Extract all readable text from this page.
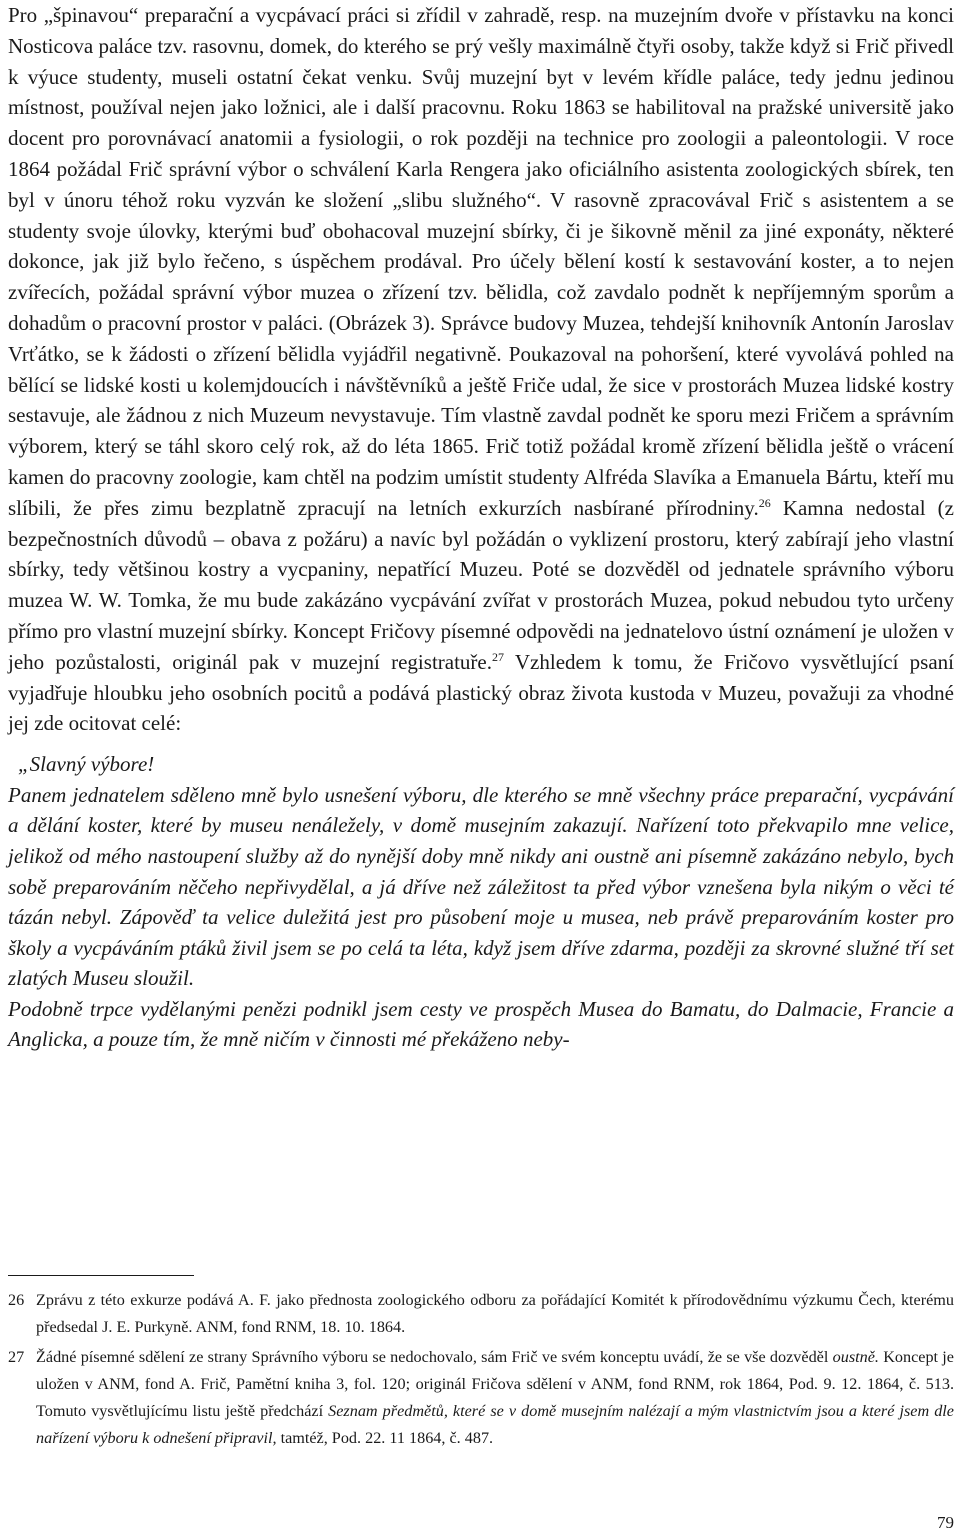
Pro „špinavou“ preparační a vycpávací práci si zřídil v zahradě, resp. na muzejním dvoře v přístavku na konci Nosticova paláce tzv. rasovnu, domek, do kterého se prý vešly maximálně čtyři osoby, takže když si Frič přivedl k výuce studenty, museli ostatní čekat venku. Svůj muzejní byt v levém křídle paláce, tedy jednu jedinou místnost, používal nejen jako ložnici, ale i další pracovnu. Roku 1863 se habilitoval na pražské universitě jako docent pro porovnávací anatomii a fysiologii, o rok později na technice pro zoologii a paleontologii. V roce 1864 požádal Frič správní výbor o schválení Karla Rengera jako oficiálního asistenta zoologických sbírek, ten byl v únoru téhož roku vyzván ke složení „slibu služného“. V rasovně zpracovával Frič s asistentem a se studenty svoje úlovky, kterými buď obohacoval muzejní sbírky, či je šikovně měnil za jiné exponáty, některé dokonce, jak již bylo řečeno, s úspěchem prodával. Pro účely bělení kostí k sestavování koster, a to nejen zvířecích, požádal správní výbor muzea o zřízení tzv. bělidla, což zavdalo podnět k nepříjemným sporům a dohadům o pracovní prostor v paláci. (Obrázek 3). Správce budovy Muzea, tehdejší knihovník Antonín Jaroslav Vrťátko, se k žádosti o zřízení bělidla vyjádřil negativně. Poukazoval na pohoršení, které vyvolává pohled na bělící se lidské kosti u kolemjdoucích i návštěvníků a ještě Friče udal, že sice v prostorách Muzea lidské kostry sestavuje, ale žádnou z nich Muzeum nevystavuje. Tím vlastně zavdal podnět ke sporu mezi Fričem a správním výborem, který se táhl skoro celý rok, až do léta 1865. Frič totiž požádal kromě zřízení bělidla ještě o vrácení kamen do pracovny zoologie, kam chtěl na podzim umístit studenty Alfréda Slavíka a Emanuela Bártu, kteří mu slíbili, že přes zimu bezplatně zpracují na letních exkurzích nasbírané přírodniny.$^{26}$ Kamna nedostal (z bezpečnostních důvodů – obava z požáru) a navíc byl požádán o vyklizení prostoru, který zabírají jeho vlastní sbírky, tedy většinou kostry a vycpaniny, nepatřící Muzeu. Poté se dozvěděl od jednatele správního výboru muzea W. W. Tomka, že mu bude zakázáno vycpávání zvířat v prostorách Muzea, pokud nebudou tyto určeny přímo pro vlastní muzejní sbírky. Koncept Fričovy písemné odpovědi na jednatelovo ústní oznámení je uložen v jeho pozůstalosti, originál pak v muzejní registratuře.$^{27}$ Vzhledem k tomu, že Fričovo vysvětlující psaní vyjadřuje hloubku jeho osobních pocitů a podává plastický obraz života kustoda v Muzeu, považuji za vhodné jej zde ocitovat celé:

„Slavný výbore!

Panem jednatelem sděleno mně bylo usnešení výboru, dle kterého se mně všechny práce preparační, vycpávání a dělání koster, které by museu nenáležely, v domě musejním zakazují. Nařízení toto překvapilo mne velice, jelikož od mého nastoupení služby až do nynější doby mně nikdy ani oustně ani písemně zakázáno nebylo, bych sobě preparováním něčeho nepřivydělal, a já dříve než záležitost ta před výbor vznešena byla nikým o věci té tázán nebyl. Zápověď ta velice duležitá jest pro působení moje u musea, neb právě preparováním koster pro školy a vycpáváním ptáků živil jsem se po celá ta léta, když jsem dříve zdarma, později za skrovné služné tří set zlatých Museu sloužil.

Podobně trpce vydělanými penězi podnikl jsem cesty ve prospěch Musea do Bamatu, do Dalmacie, Francie a Anglicka, a pouze tím, že mně ničím v činnosti mé překáženo neby-

26 Zprávu z této exkurze podává A. F. jako přednosta zoologického odboru za pořádající Komitét k přírodovědnímu výzkumu Čech, kterému předsedal J. E. Purkyně. ANM, fond RNM, 18. 10. 1864.
27 Žádné písemné sdělení ze strany Správního výboru se nedochovalo, sám Frič ve svém konceptu uvádí, že se vše dozvěděl oustně. Koncept je uložen v ANM, fond A. Frič, Pamětní kniha 3, fol. 120; originál Fričova sdělení v ANM, fond RNM, rok 1864, Pod. 9. 12. 1864, č. 513. Tomuto vysvětlujícímu listu ještě předchází Seznam předmětů, které se v domě musejním nalézají a mým vlastnictvím jsou a které jsem dle nařízení výboru k odnešení připravil, tamtéž, Pod. 22. 11 1864, č. 487.
79
